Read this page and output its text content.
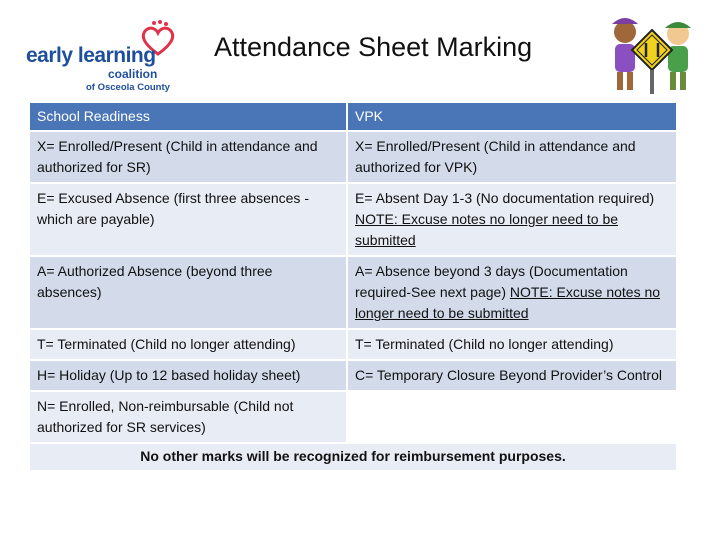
early learning
coalition
of Osceola County
Attendance Sheet Marking
School Readiness	VPK
X= Enrolled/Present (Child in attendance and authorized for SR)	X= Enrolled/Present (Child in attendance and authorized for VPK)
E= Excused Absence (first three absences - which are payable)	E= Absent Day 1-3 (No documentation required) NOTE: Excuse notes no longer need to be submitted
A= Authorized Absence (beyond three absences)	A= Absence beyond 3 days (Documentation required-See next page) NOTE: Excuse notes no longer need to be submitted
T= Terminated (Child no longer attending)	T= Terminated (Child no longer attending)
H= Holiday (Up to 12 based holiday sheet)	C= Temporary Closure Beyond Provider’s Control
N= Enrolled, Non-reimbursable (Child not authorized for SR services)	
No other marks will be recognized for reimbursement purposes.	
